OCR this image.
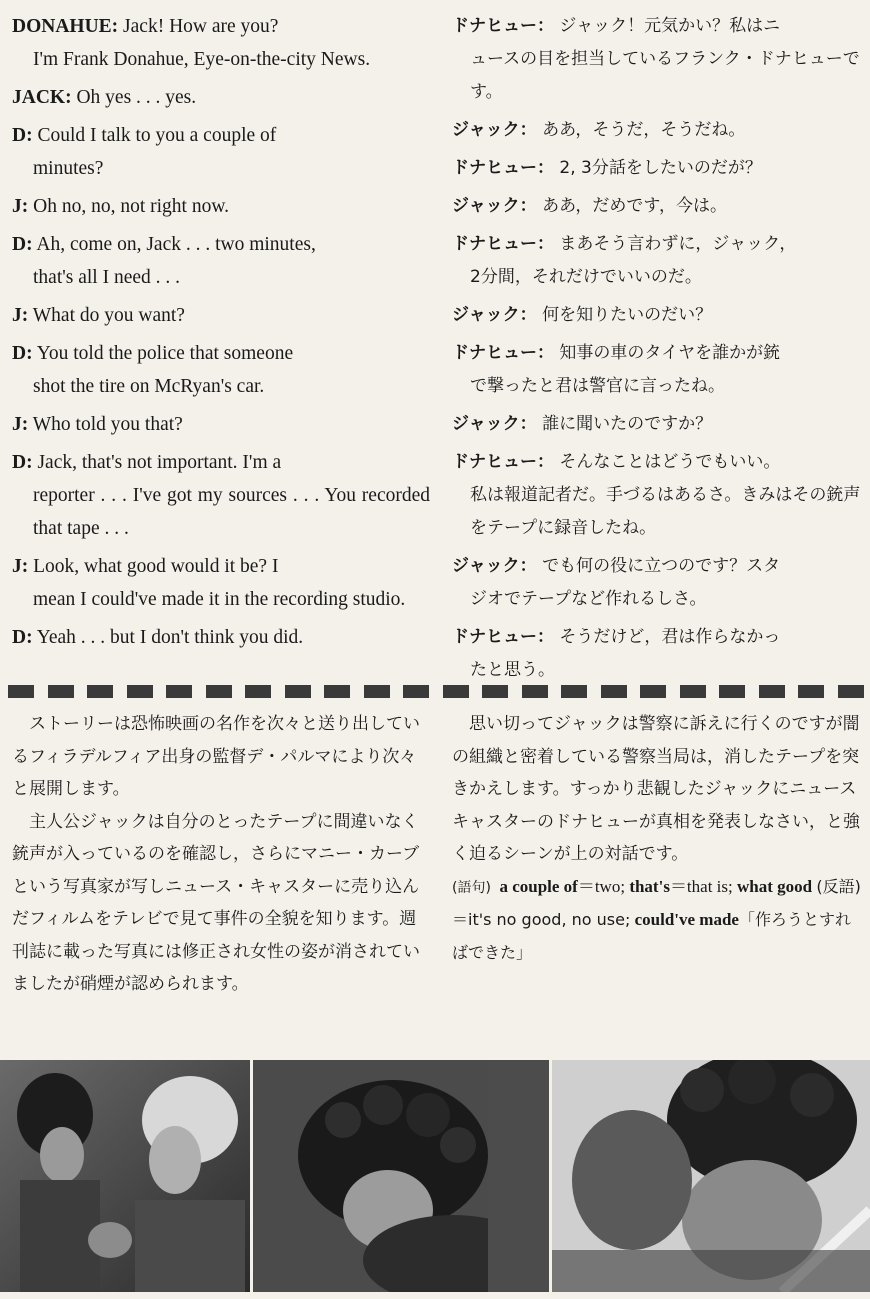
DONAHUE: Jack! How are you?
I'm Frank Donahue, Eye-on-the-city News.
JACK: Oh yes . . . yes.
D: Could I talk to you a couple of
minutes?
J: Oh no, no, not right now.
D: Ah, come on, Jack . . . two minutes,
that's all I need . . .
J: What do you want?
D: You told the police that someone
shot the tire on McRyan's car.
J: Who told you that?
D: Jack, that's not important. I'm a
reporter . . . I've got my sources . . . You recorded that tape . . .
J: Look, what good would it be? I
mean I could've made it in the recording studio.
D: Yeah . . . but I don't think you did.
ドナヒュー： ジャック！元気かい？私はニ
ュースの目を担当しているフランク・ドナヒューです。
ジャック： ああ，そうだ，そうだね。
ドナヒュー： 2, 3分話をしたいのだが？
ジャック： ああ，だめです，今は。
ドナヒュー： まあそう言わずに，ジャック，
2分間，それだけでいいのだ。
ジャック： 何を知りたいのだい？
ドナヒュー： 知事の車のタイヤを誰かが銃
で撃ったと君は警官に言ったね。
ジャック： 誰に聞いたのですか？
ドナヒュー： そんなことはどうでもいい。
私は報道記者だ。手づるはあるさ。きみはその銃声をテープに録音したね。
ジャック： でも何の役に立つのです？スタ
ジオでテープなど作れるしさ。
ドナヒュー： そうだけど，君は作らなかっ
たと思う。

ストーリーは恐怖映画の名作を次々と送り出しているフィラデルフィア出身の監督デ・パルマにより次々と展開します。

主人公ジャックは自分のとったテープに間違いなく銃声が入っているのを確認し，さらにマニー・カーブという写真家が写しニュース・キャスターに売り込んだフィルムをテレビで見て事件の全貌を知ります。週刊誌に載った写真には修正され女性の姿が消されていましたが硝煙が認められます。

思い切ってジャックは警察に訴えに行くのですが闇の組織と密着している警察当局は，消したテープを突きかえします。すっかり悲観したジャックにニュースキャスターのドナヒューが真相を発表しなさい，と強く迫るシーンが上の対話です。

(語句) a couple of＝two; that's＝that is; what good (反語)＝it's no good, no use; could've made「作ろうとすればできた」
